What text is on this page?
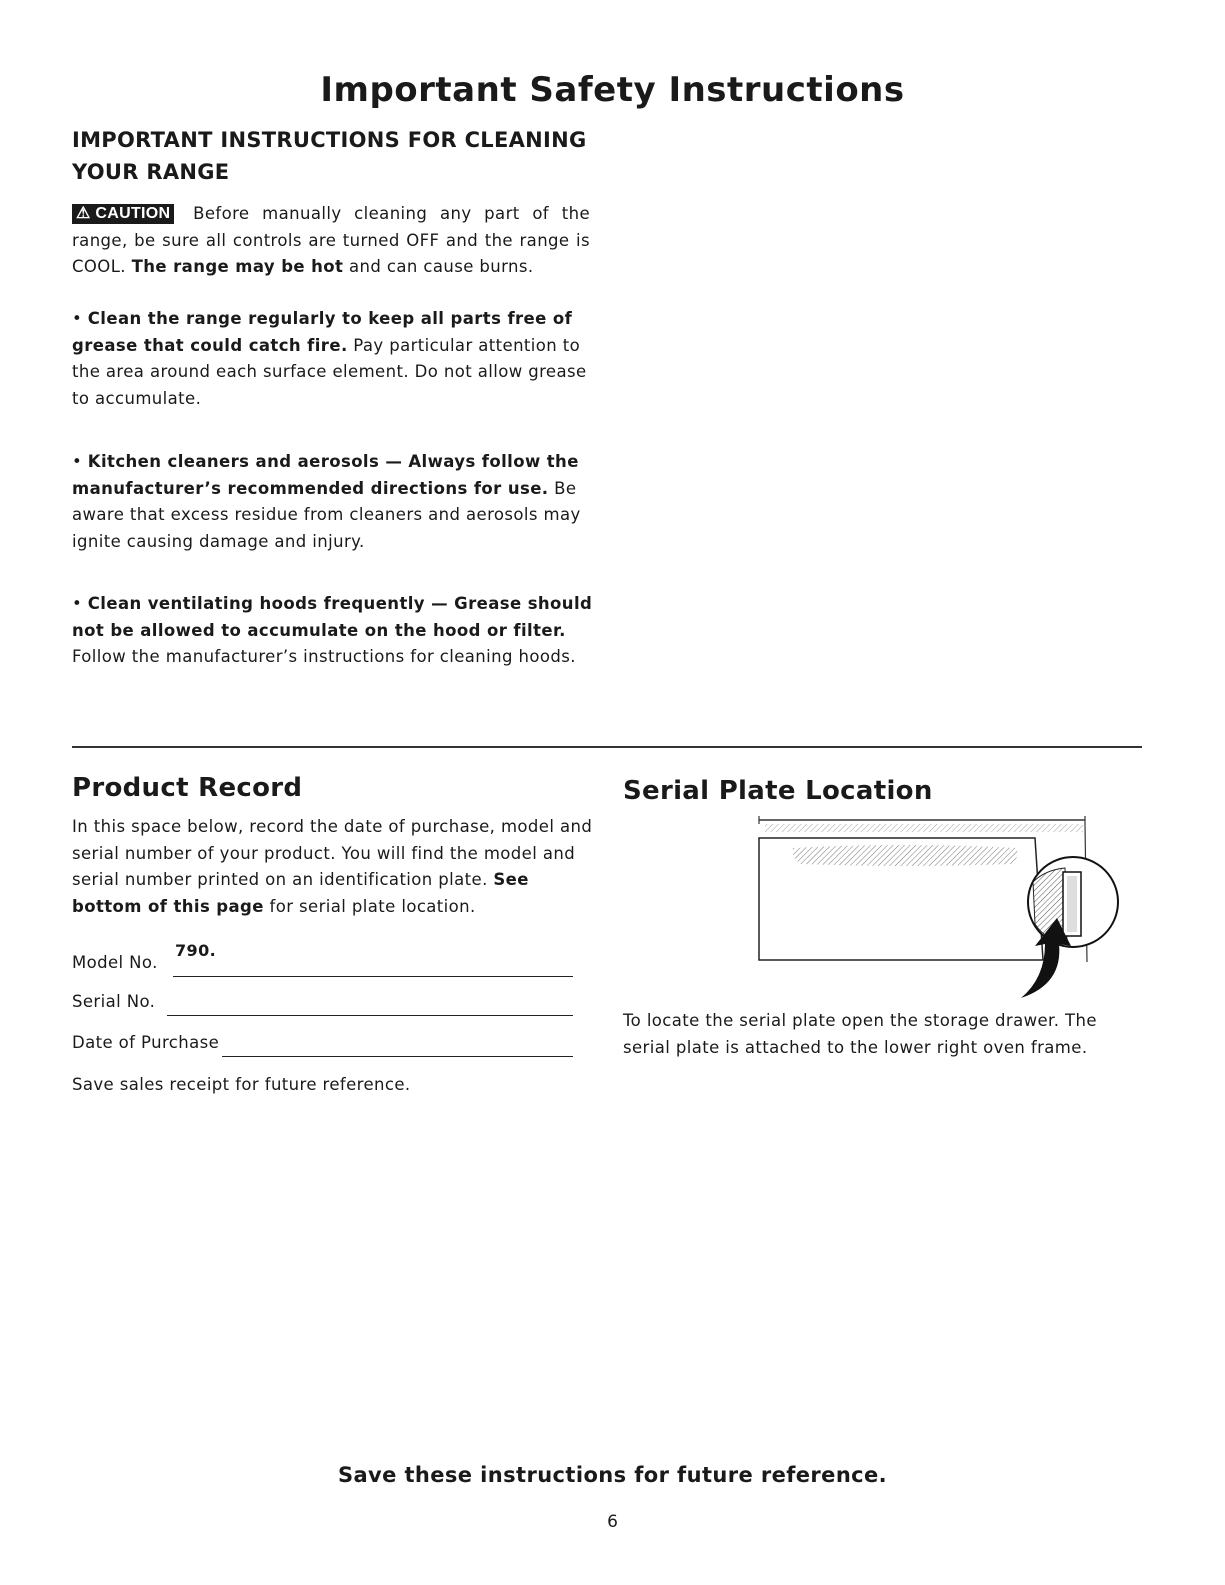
Important Safety Instructions
IMPORTANT INSTRUCTIONS FOR CLEANING
YOUR RANGE
⚠ CAUTION Before manually cleaning any part of the range, be sure all controls are turned OFF and the range is COOL. The range may be hot and can cause burns.
• Clean the range regularly to keep all parts free of grease that could catch fire. Pay particular attention to the area around each surface element. Do not allow grease to accumulate.
• Kitchen cleaners and aerosols — Always follow the manufacturer’s recommended directions for use. Be aware that excess residue from cleaners and aerosols may ignite causing damage and injury.
• Clean ventilating hoods frequently — Grease should not be allowed to accumulate on the hood or filter. Follow the manufacturer’s instructions for cleaning hoods.
Product Record
In this space below, record the date of purchase, model and serial number of your product. You will find the model and serial number printed on an identification plate. See bottom of this page for serial plate location.
Model No.
790.
Serial No.
Date of Purchase
Save sales receipt for future reference.
Serial Plate Location
To locate the serial plate open the storage drawer. The serial plate is attached to the lower right oven frame.
Save these instructions for future reference.
6
